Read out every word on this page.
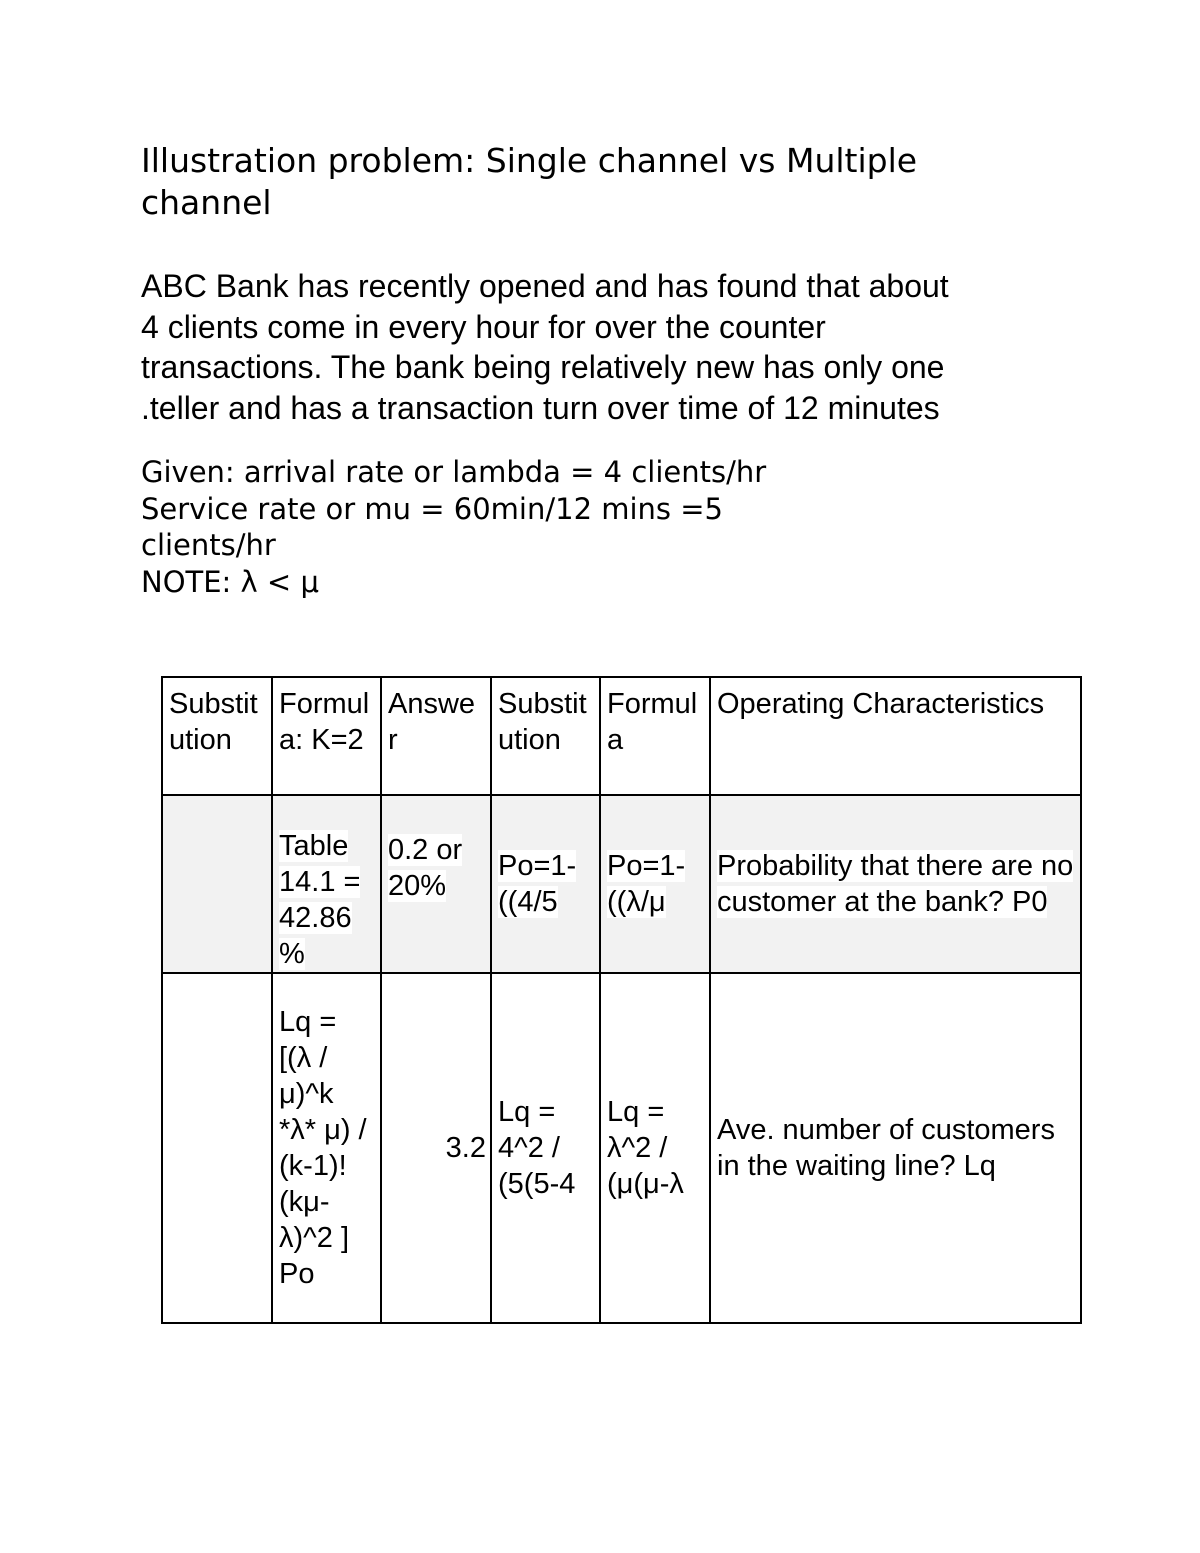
Illustration problem: Single channel vs Multiple channel
ABC Bank has recently opened and has found that about
4 clients come in every hour for over the counter
transactions. The bank being relatively new has only one
.teller and has a transaction turn over time of 12 minutes
Given: arrival rate or lambda = 4 clients/hr
Service rate or mu = 60min/12 mins =5
clients/hr
NOTE: λ < μ
Substitution	Formula: K=2	Answer	Substitution	Formula	Operating Characteristics
	Table 14.1 = 42.86%	0.2 or 20%	Po=1-((4/5	Po=1-((λ/μ	Probability that there are no customer at the bank? P0
	Lq = [(λ / μ)^k *λ* μ) / (k-1)! (kμ-λ)^2 ] Po	3.2	Lq = 4^2 / (5(5-4	Lq = λ^2 / (μ(μ-λ	Ave. number of customers in the waiting line? Lq
